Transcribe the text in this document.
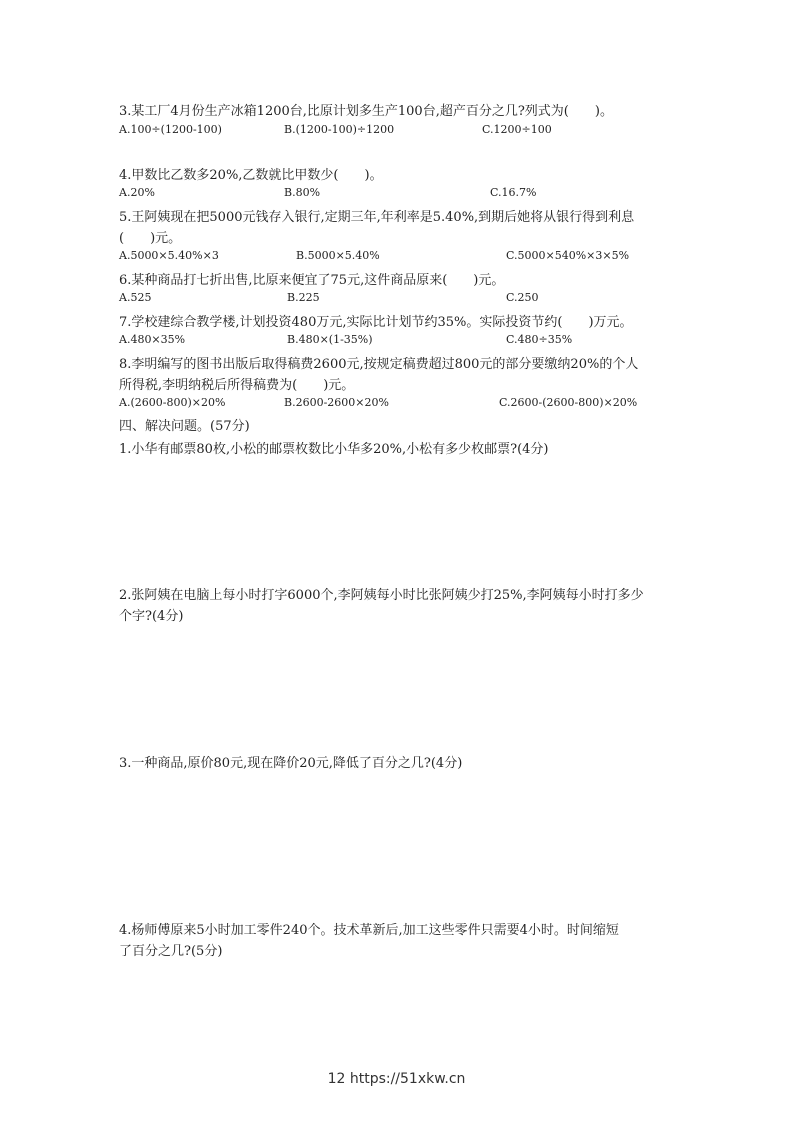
3.某工厂4月份生产冰箱1200台,比原计划多生产100台,超产百分之几?列式为(　　)。
A.100÷(1200-100)	B.(1200-100)÷1200	C.1200÷100
4.甲数比乙数多20%,乙数就比甲数少(　　)。
A.20%	B.80%	C.16.7%
5.王阿姨现在把5000元钱存入银行,定期三年,年利率是5.40%,到期后她将从银行得到利息
(　　)元。
A.5000×5.40%×3	B.5000×5.40%	C.5000×540%×3×5%
6.某种商品打七折出售,比原来便宜了75元,这件商品原来(　　)元。
A.525	B.225	C.250
7.学校建综合教学楼,计划投资480万元,实际比计划节约35%。实际投资节约(　　)万元。
A.480×35%	B.480×(1-35%)	C.480÷35%
8.李明编写的图书出版后取得稿费2600元,按规定稿费超过800元的部分要缴纳20%的个人
所得税,李明纳税后所得稿费为(　　)元。
A.(2600-800)×20%	B.2600-2600×20%	C.2600-(2600-800)×20%
四、解决问题。(57分)
1.小华有邮票80枚,小松的邮票枚数比小华多20%,小松有多少枚邮票?(4分)
2.张阿姨在电脑上每小时打字6000个,李阿姨每小时比张阿姨少打25%,李阿姨每小时打多少
个字?(4分)
3.一种商品,原价80元,现在降价20元,降低了百分之几?(4分)
4.杨师傅原来5小时加工零件240个。技术革新后,加工这些零件只需要4小时。时间缩短
了百分之几?(5分)
12 https://51xkw.cn
